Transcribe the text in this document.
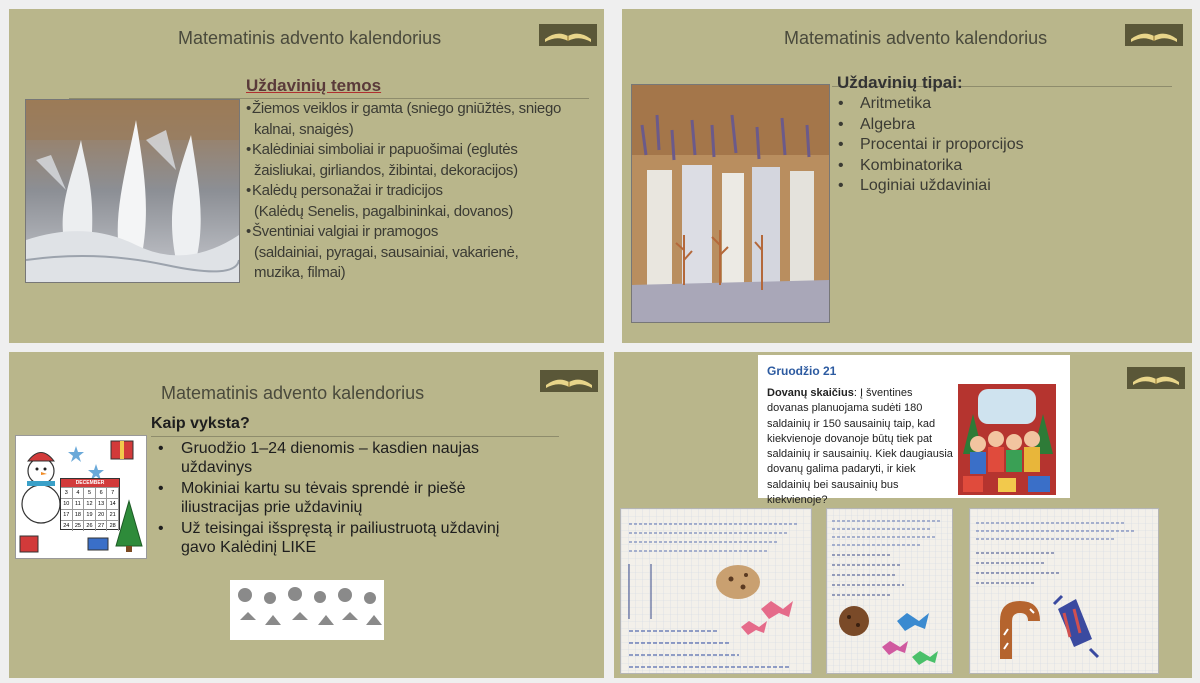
Matematinis advento kalendorius
Uždavinių temos
• Žiemos veiklos ir gamta (sniego gniūžtės, sniego
kalnai, snaigės)
• Kalėdiniai simboliai ir papuošimai (eglutės
žaisliukai, girliandos, žibintai, dekoracijos)
• Kalėdų personažai ir tradicijos
(Kalėdų Senelis, pagalbininkai, dovanos)
• Šventiniai valgiai ir pramogos
(saldainiai, pyragai, sausainiai, vakarienė,
muzika, filmai)
Matematinis advento kalendorius
Uždavinių tipai:
• Aritmetika
• Algebra
• Procentai ir proporcijos
• Kombinatorika
• Loginiai uždaviniai
Matematinis advento kalendorius
Kaip vyksta?
DECEMBER
3	4	5	6	7
10	11	12 13 14
17 18 19 20 21
24 25 26 27 28
• Gruodžio 1–24 dienomis – kasdien naujas uždavinys
• Mokiniai kartu su tėvais sprendė ir piešė iliustracijas prie uždavinių
• Už teisingai išspręstą ir pailiustruotą uždavinį gavo Kalėdinį LIKE
Gruodžio 21
Dovanų skaičius: Į šventines dovanas planuojama sudėti 180 saldainių ir 150 sausainių taip, kad kiekvienoje dovanoje būtų tiek pat saldainių ir sausainių. Kiek daugiausia dovanų galima padaryti, ir kiek saldainių bei sausainių bus kiekvienoje?
